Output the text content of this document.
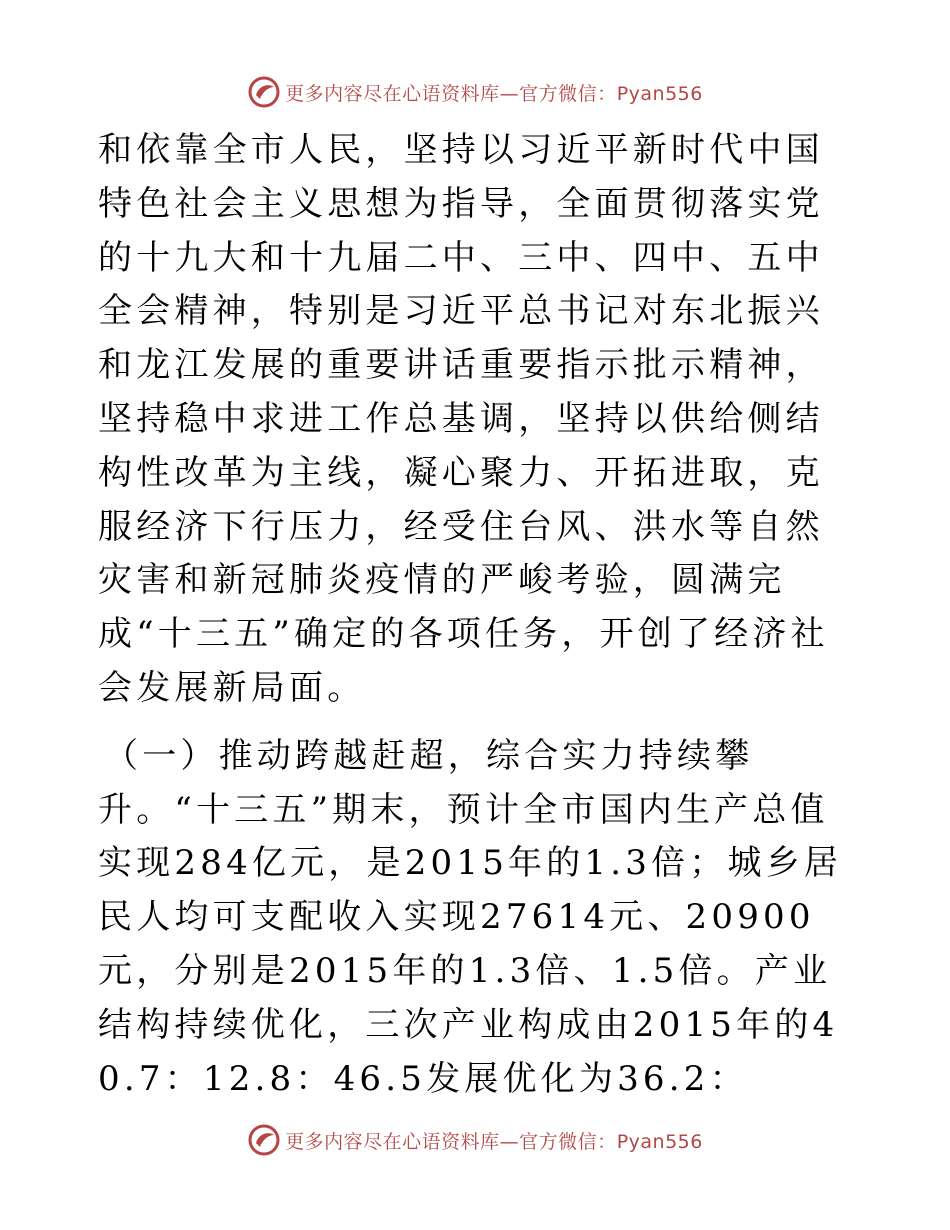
更多内容尽在心语资料库—官方微信：Pyan556

和依靠全市人民，坚持以习近平新时代中国特色社会主义思想为指导，全面贯彻落实党的十九大和十九届二中、三中、四中、五中全会精神，特别是习近平总书记对东北振兴和龙江发展的重要讲话重要指示批示精神，坚持稳中求进工作总基调，坚持以供给侧结构性改革为主线，凝心聚力、开拓进取，克服经济下行压力，经受住台风、洪水等自然灾害和新冠肺炎疫情的严峻考验，圆满完成“十三五”确定的各项任务，开创了经济社会发展新局面。

（一）推动跨越赶超，综合实力持续攀升。“十三五”期末，预计全市国内生产总值实现284亿元，是2015年的1.3倍；城乡居民人均可支配收入实现27614元、20900元，分别是2015年的1.3倍、1.5倍。产业结构持续优化，三次产业构成由2015年的40.7：12.8：46.5发展优化为36.2：

更多内容尽在心语资料库—官方微信：Pyan556
